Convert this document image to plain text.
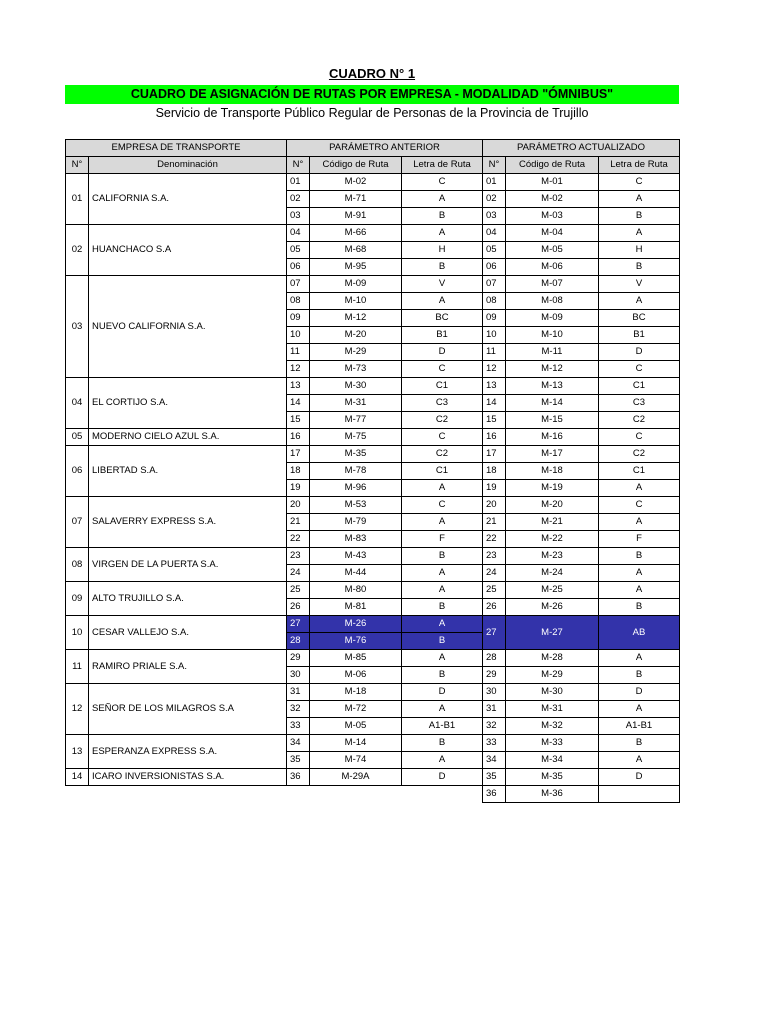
CUADRO N° 1
CUADRO DE ASIGNACIÓN DE RUTAS POR EMPRESA - MODALIDAD "ÓMNIBUS"
Servicio de Transporte Público Regular de Personas de la Provincia de Trujillo
EMPRESA DE TRANSPORTE		PARÁMETRO ANTERIOR			PARÁMETRO ACTUALIZADO		
N°	Denominación	N°	Código de Ruta	Letra de Ruta	N°	Código de Ruta	Letra de Ruta
01	CALIFORNIA S.A.	01	M-02	C	01	M-01	C
		02	M-71	A	02	M-02	A
		03	M-91	B	03	M-03	B
02	HUANCHACO S.A	04	M-66	A	04	M-04	A
		05	M-68	H	05	M-05	H
		06	M-95	B	06	M-06	B
03	NUEVO CALIFORNIA S.A.	07	M-09	V	07	M-07	V
		08	M-10	A	08	M-08	A
		09	M-12	BC	09	M-09	BC
		10	M-20	B1	10	M-10	B1
		11	M-29	D	11	M-11	D
		12	M-73	C	12	M-12	C
04	EL CORTIJO S.A.	13	M-30	C1	13	M-13	C1
		14	M-31	C3	14	M-14	C3
		15	M-77	C2	15	M-15	C2
05	MODERNO CIELO AZUL S.A.	16	M-75	C	16	M-16	C
06	LIBERTAD S.A.	17	M-35	C2	17	M-17	C2
		18	M-78	C1	18	M-18	C1
		19	M-96	A	19	M-19	A
07	SALAVERRY EXPRESS S.A.	20	M-53	C	20	M-20	C
		21	M-79	A	21	M-21	A
		22	M-83	F	22	M-22	F
08	VIRGEN DE LA PUERTA S.A.	23	M-43	B	23	M-23	B
		24	M-44	A	24	M-24	A
09	ALTO TRUJILLO S.A.	25	M-80	A	25	M-25	A
		26	M-81	B	26	M-26	B
10	CESAR VALLEJO S.A.	27	M-26	A	27	M-27	AB
		28	M-76	B			
11	RAMIRO PRIALE S.A.	29	M-85	A	28	M-28	A
		30	M-06	B	29	M-29	B
12	SEÑOR DE LOS MILAGROS S.A	31	M-18	D	30	M-30	D
		32	M-72	A	31	M-31	A
		33	M-05	A1-B1	32	M-32	A1-B1
13	ESPERANZA EXPRESS S.A.	34	M-14	B	33	M-33	B
		35	M-74	A	34	M-34	A
14	ICARO INVERSIONISTAS S.A.	36	M-29A	D	35	M-35	D
					36	M-36	
